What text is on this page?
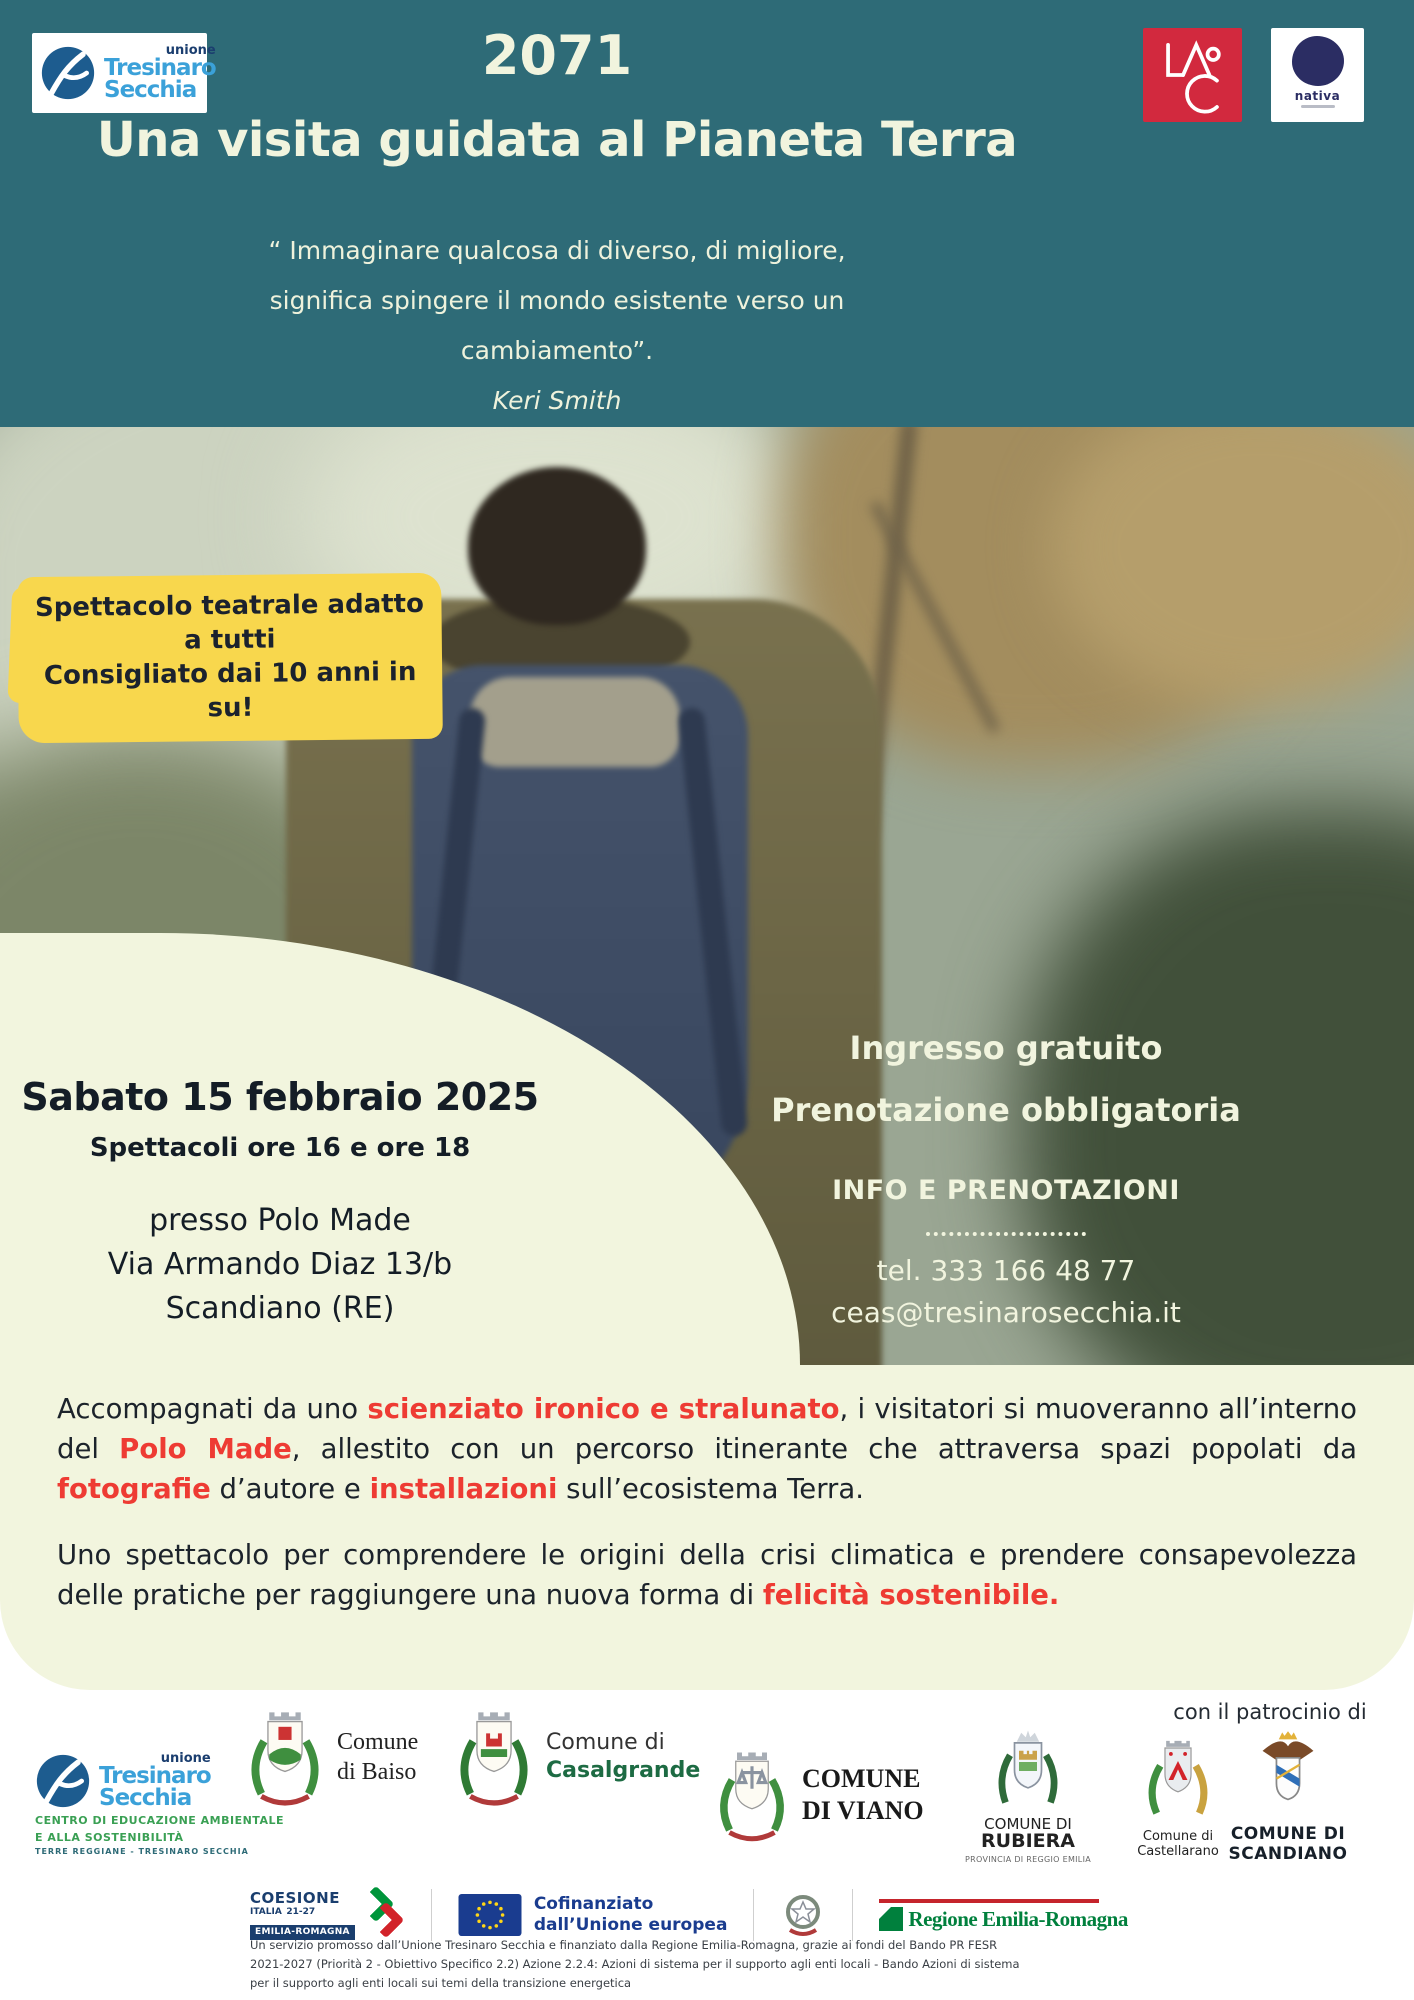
unione
Tresinaro
Secchia	nativa
2071
Una visita guidata al Pianeta Terra
“ Immaginare qualcosa di diverso, di migliore,
significa spingere il mondo esistente verso un
cambiamento”.
Keri Smith
Spettacolo teatrale adatto a tutti
Consigliato dai 10 anni in su!
Sabato 15 febbraio 2025
Spettacoli ore 16 e ore 18
presso Polo Made
Via Armando Diaz 13/b
Scandiano (RE)
Ingresso gratuito
Prenotazione obbligatoria
INFO E PRENOTAZIONI
tel. 333 166 48 77
ceas@tresinarosecchia.it

Accompagnati da uno scienziato ironico e stralunato, i visitatori si muoveranno all’interno del Polo Made, allestito con un percorso itinerante che attraversa spazi popolati da fotografie d’autore e installazioni sull’ecosistema Terra.

Uno spettacolo per comprendere le origini della crisi climatica e prendere consapevolezza delle pratiche per raggiungere una nuova forma di felicità sostenibile.

con il patrocinio di
unione
Tresinaro
Secchia
CENTRO DI EDUCAZIONE AMBIENTALE
E ALLA SOSTENIBILITÀ
TERRE REGGIANE - TRESINARO SECCHIA
Comune
di Baiso
Comune di
Casalgrande	COMUNE
DI VIANO	COMUNE DI
RUBIERA
PROVINCIA DI REGGIO EMILIA
Comune di Castellarano
COMUNE DI
SCANDIANO
COESIONE
$^{ITALIA}$ $^{21-27}$
EMILIA-ROMAGNA
Cofinanziato
dall’Unione europea	Regione Emilia-Romagna
Un servizio promosso dall’Unione Tresinaro Secchia e finanziato dalla Regione Emilia-Romagna, grazie ai fondi del Bando PR FESR
2021-2027 (Priorità 2 - Obiettivo Specifico 2.2) Azione 2.2.4: Azioni di sistema per il supporto agli enti locali - Bando Azioni di sistema
per il supporto agli enti locali sui temi della transizione energetica
